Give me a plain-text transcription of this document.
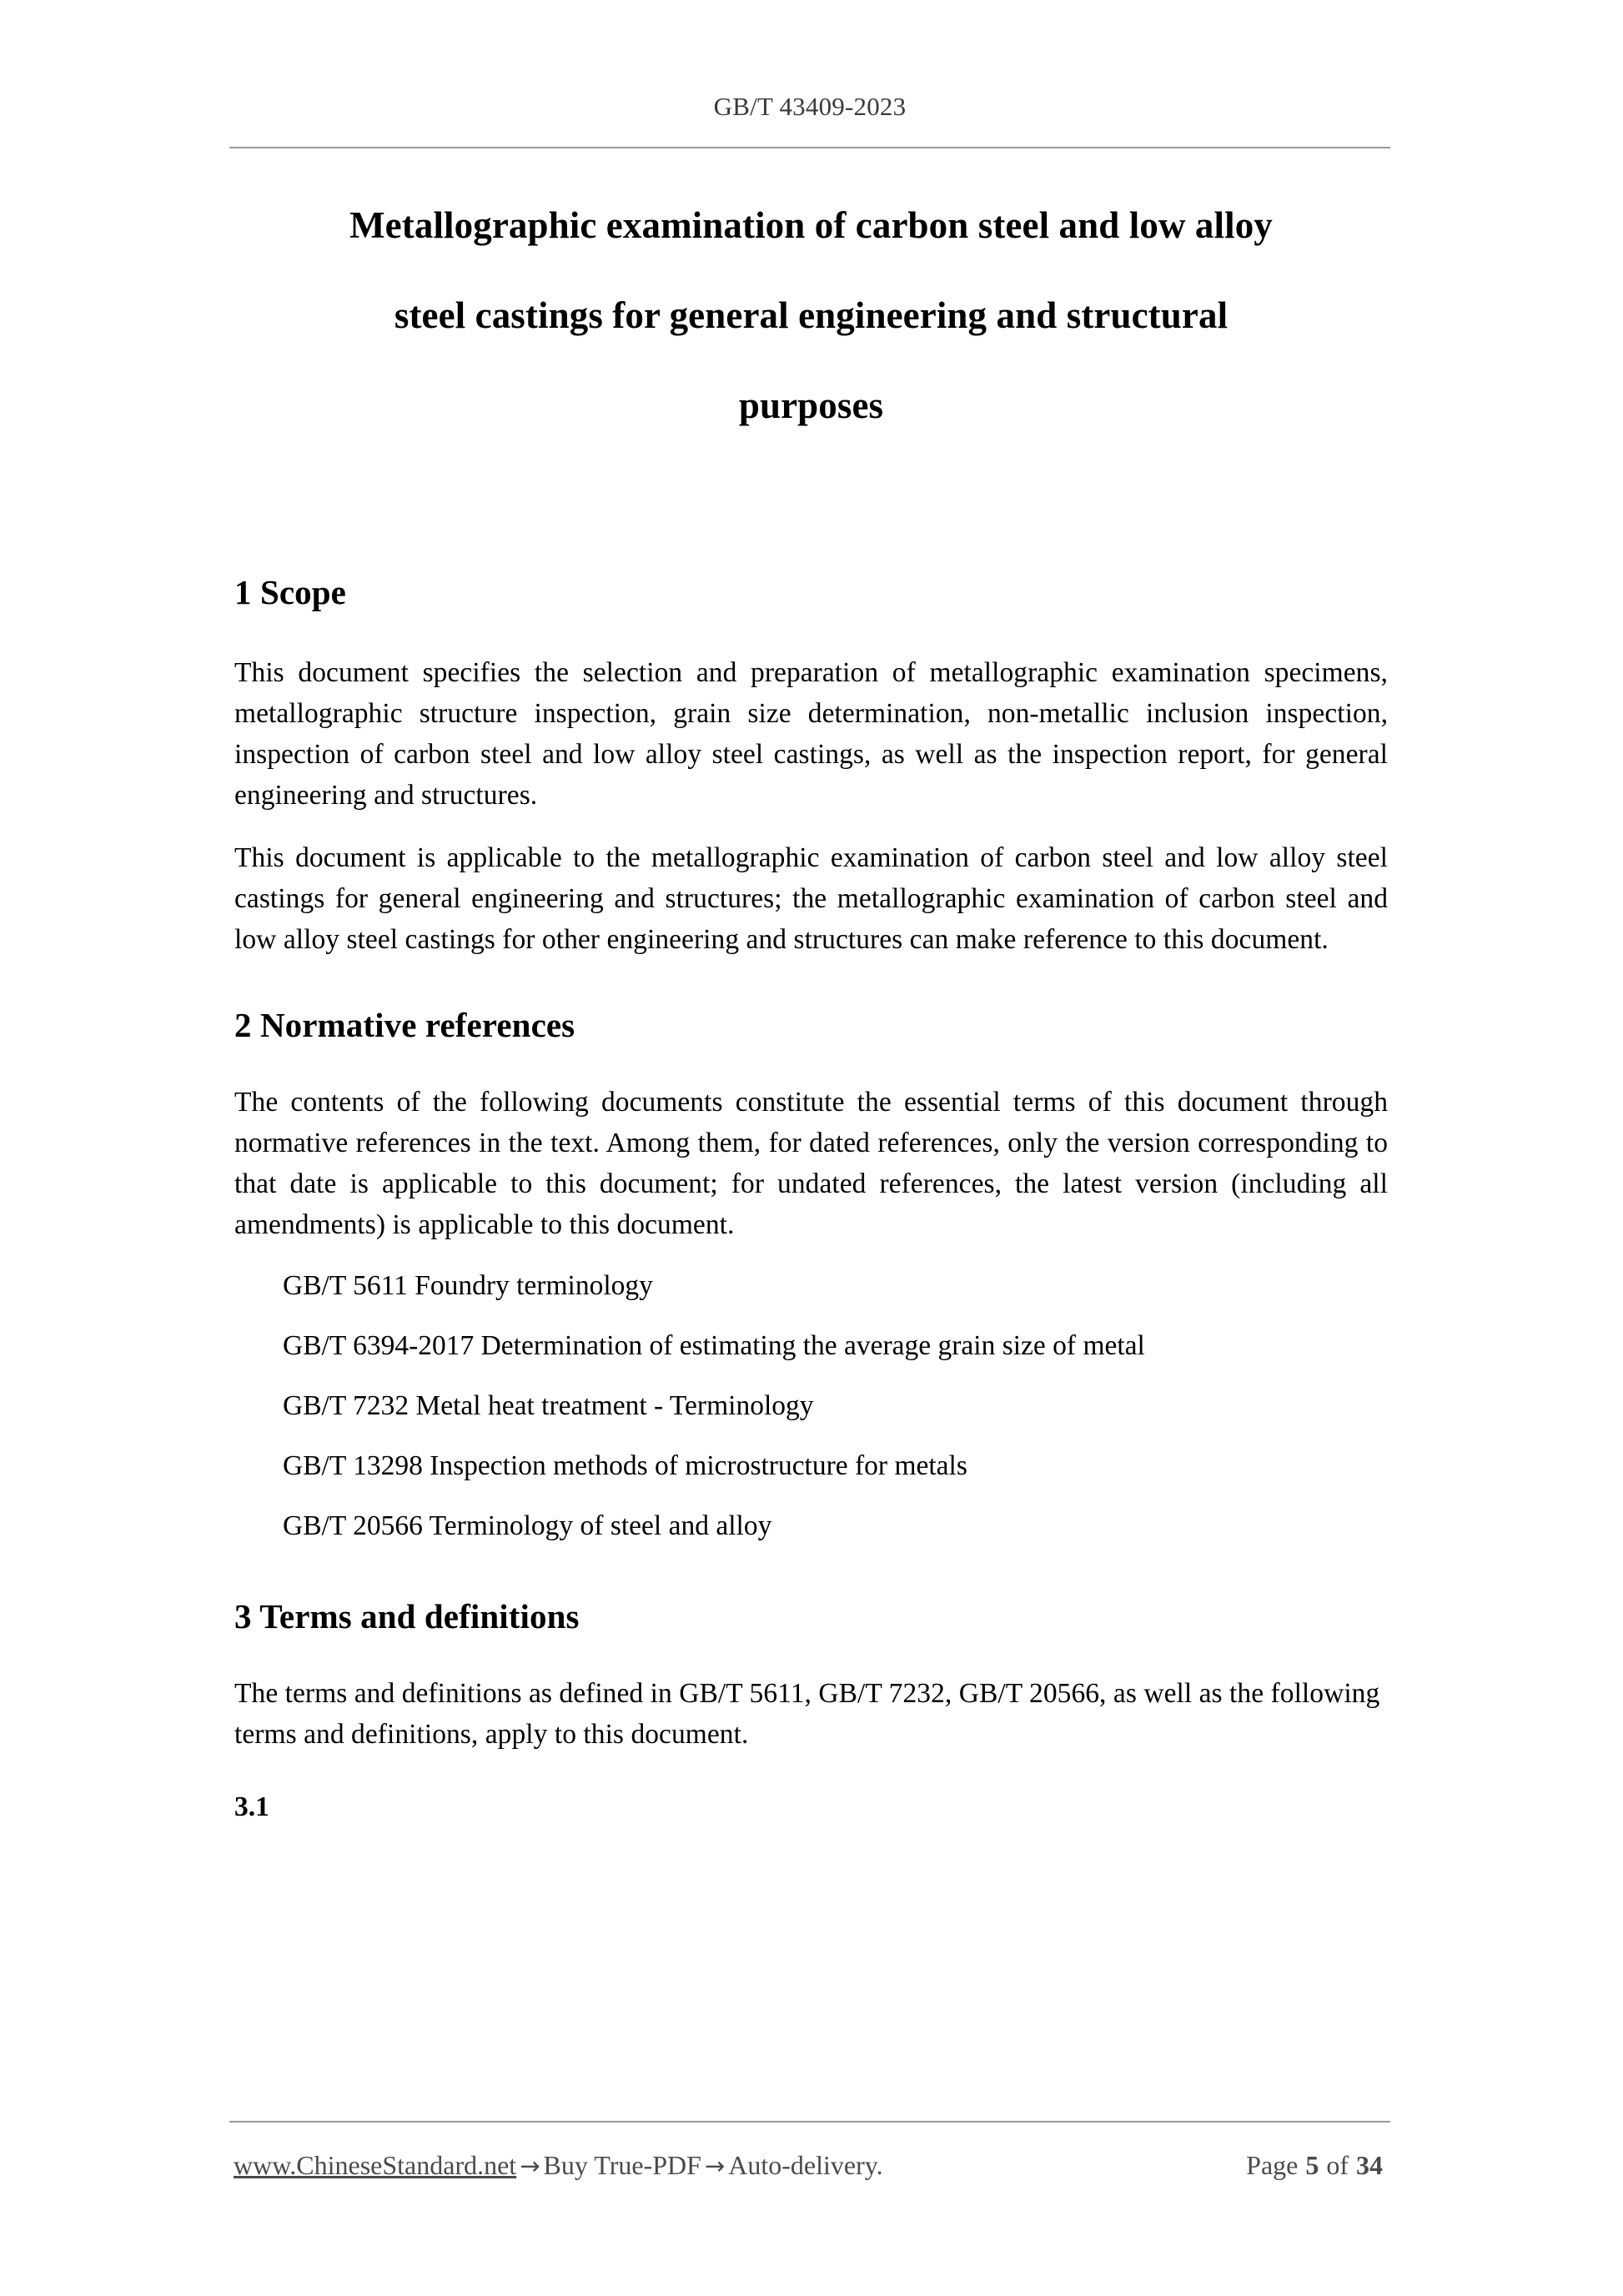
GB/T 43409-2023
Metallographic examination of carbon steel and low alloy
steel castings for general engineering and structural
purposes
1 Scope

This document specifies the selection and preparation of metallographic examination specimens, metallographic structure inspection, grain size determination, non-metallic inclusion inspection, inspection of carbon steel and low alloy steel castings, as well as the inspection report, for general engineering and structures.

This document is applicable to the metallographic examination of carbon steel and low alloy steel castings for general engineering and structures; the metallographic examination of carbon steel and low alloy steel castings for other engineering and structures can make reference to this document.

2 Normative references

The contents of the following documents constitute the essential terms of this document through normative references in the text. Among them, for dated references, only the version corresponding to that date is applicable to this document; for undated references, the latest version (including all amendments) is applicable to this document.

GB/T 5611 Foundry terminology
GB/T 6394-2017 Determination of estimating the average grain size of metal
GB/T 7232 Metal heat treatment - Terminology
GB/T 13298 Inspection methods of microstructure for metals
GB/T 20566 Terminology of steel and alloy
3 Terms and definitions

The terms and definitions as defined in GB/T 5611, GB/T 7232, GB/T 20566, as well as the following terms and definitions, apply to this document.

3.1
www.ChineseStandard.net → Buy True-PDF → Auto-delivery.	Page 5 of 34
